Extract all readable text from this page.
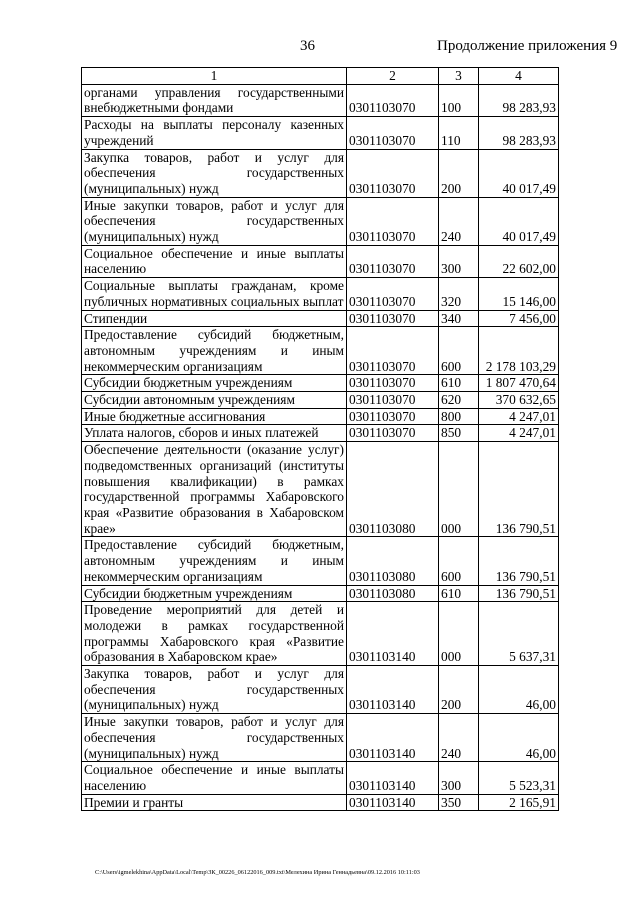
36	Продолжение приложения 9
1	2	3	4
органами управления государственными внебюджетными фондами	0301103070	100	98 283,93
Расходы на выплаты персоналу казенных учреждений	0301103070	110	98 283,93
Закупка товаров, работ и услуг для обеспечения государственных (муниципальных) нужд	0301103070	200	40 017,49
Иные закупки товаров, работ и услуг для обеспечения государственных (муниципальных) нужд	0301103070	240	40 017,49
Социальное обеспечение и иные выплаты населению	0301103070	300	22 602,00
Социальные выплаты гражданам, кроме публичных нормативных социальных выплат	0301103070	320	15 146,00
Стипендии	0301103070	340	7 456,00
Предоставление субсидий бюджетным, автономным учреждениям и иным некоммерческим организациям	0301103070	600	2 178 103,29
Субсидии бюджетным учреждениям	0301103070	610	1 807 470,64
Субсидии автономным учреждениям	0301103070	620	370 632,65
Иные бюджетные ассигнования	0301103070	800	4 247,01
Уплата налогов, сборов и иных платежей	0301103070	850	4 247,01
Обеспечение деятельности (оказание услуг) подведомственных организаций (институты повышения квалификации) в рамках государственной программы Хабаровского края «Развитие образования в Хабаровском крае»	0301103080	000	136 790,51
Предоставление субсидий бюджетным, автономным учреждениям и иным некоммерческим организациям	0301103080	600	136 790,51
Субсидии бюджетным учреждениям	0301103080	610	136 790,51
Проведение мероприятий для детей и молодежи в рамках государственной программы Хабаровского края «Развитие образования в Хабаровском крае»	0301103140	000	5 637,31
Закупка товаров, работ и услуг для обеспечения государственных (муниципальных) нужд	0301103140	200	46,00
Иные закупки товаров, работ и услуг для обеспечения государственных (муниципальных) нужд	0301103140	240	46,00
Социальное обеспечение и иные выплаты населению	0301103140	300	5 523,31
Премии и гранты	0301103140	350	2 165,91
C:\Users\igmelekhina\AppData\Local\Temp\ЗК_00226_06122016_009.txt\Мелехина Ирина Геннадьевна\09.12.2016 10:11:03
